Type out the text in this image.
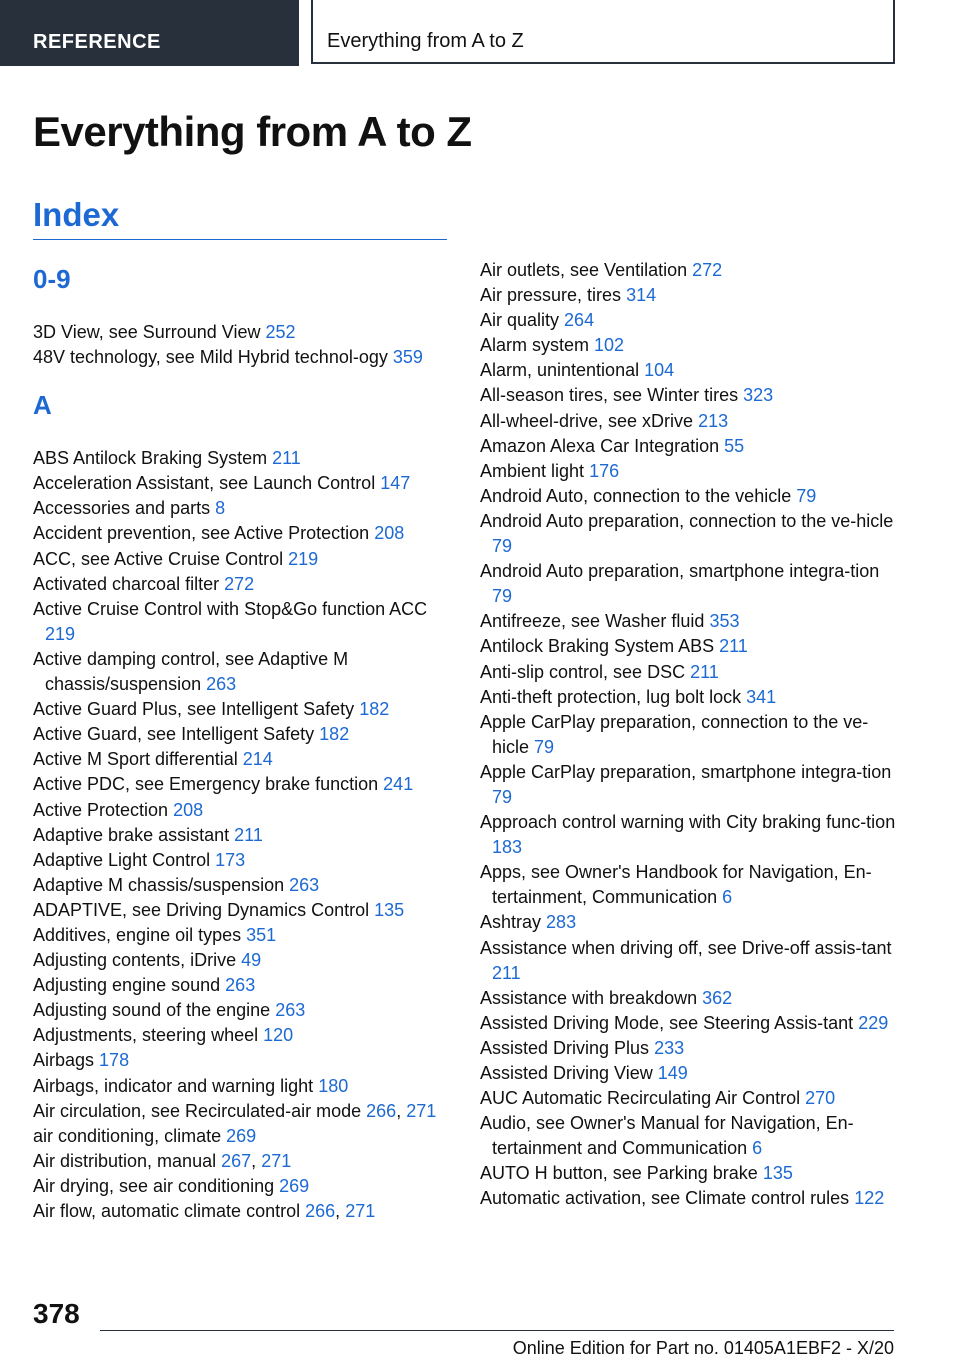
REFERENCE	Everything from A to Z
Everything from A to Z
Index
0-9
3D View, see Surround View 252
48V technology, see Mild Hybrid technol-ogy 359
A
ABS Antilock Braking System 211
Acceleration Assistant, see Launch Control 147
Accessories and parts 8
Accident prevention, see Active Protection 208
ACC, see Active Cruise Control 219
Activated charcoal filter 272
Active Cruise Control with Stop&Go function ACC 219
Active damping control, see Adaptive M chassis/suspension 263
Active Guard Plus, see Intelligent Safety 182
Active Guard, see Intelligent Safety 182
Active M Sport differential 214
Active PDC, see Emergency brake function 241
Active Protection 208
Adaptive brake assistant 211
Adaptive Light Control 173
Adaptive M chassis/suspension 263
ADAPTIVE, see Driving Dynamics Control 135
Additives, engine oil types 351
Adjusting contents, iDrive 49
Adjusting engine sound 263
Adjusting sound of the engine 263
Adjustments, steering wheel 120
Airbags 178
Airbags, indicator and warning light 180
Air circulation, see Recirculated-air mode 266, 271
air conditioning, climate 269
Air distribution, manual 267, 271
Air drying, see air conditioning 269
Air flow, automatic climate control 266, 271
Air outlets, see Ventilation 272
Air pressure, tires 314
Air quality 264
Alarm system 102
Alarm, unintentional 104
All-season tires, see Winter tires 323
All-wheel-drive, see xDrive 213
Amazon Alexa Car Integration 55
Ambient light 176
Android Auto, connection to the vehicle 79
Android Auto preparation, connection to the ve-hicle 79
Android Auto preparation, smartphone integra-tion 79
Antifreeze, see Washer fluid 353
Antilock Braking System ABS 211
Anti-slip control, see DSC 211
Anti-theft protection, lug bolt lock 341
Apple CarPlay preparation, connection to the ve-hicle 79
Apple CarPlay preparation, smartphone integra-tion 79
Approach control warning with City braking func-tion 183
Apps, see Owner's Handbook for Navigation, En-tertainment, Communication 6
Ashtray 283
Assistance when driving off, see Drive-off assis-tant 211
Assistance with breakdown 362
Assisted Driving Mode, see Steering Assis-tant 229
Assisted Driving Plus 233
Assisted Driving View 149
AUC Automatic Recirculating Air Control 270
Audio, see Owner's Manual for Navigation, En-tertainment and Communication 6
AUTO H button, see Parking brake 135
Automatic activation, see Climate control rules 122
378
Online Edition for Part no. 01405A1EBF2 - X/20
